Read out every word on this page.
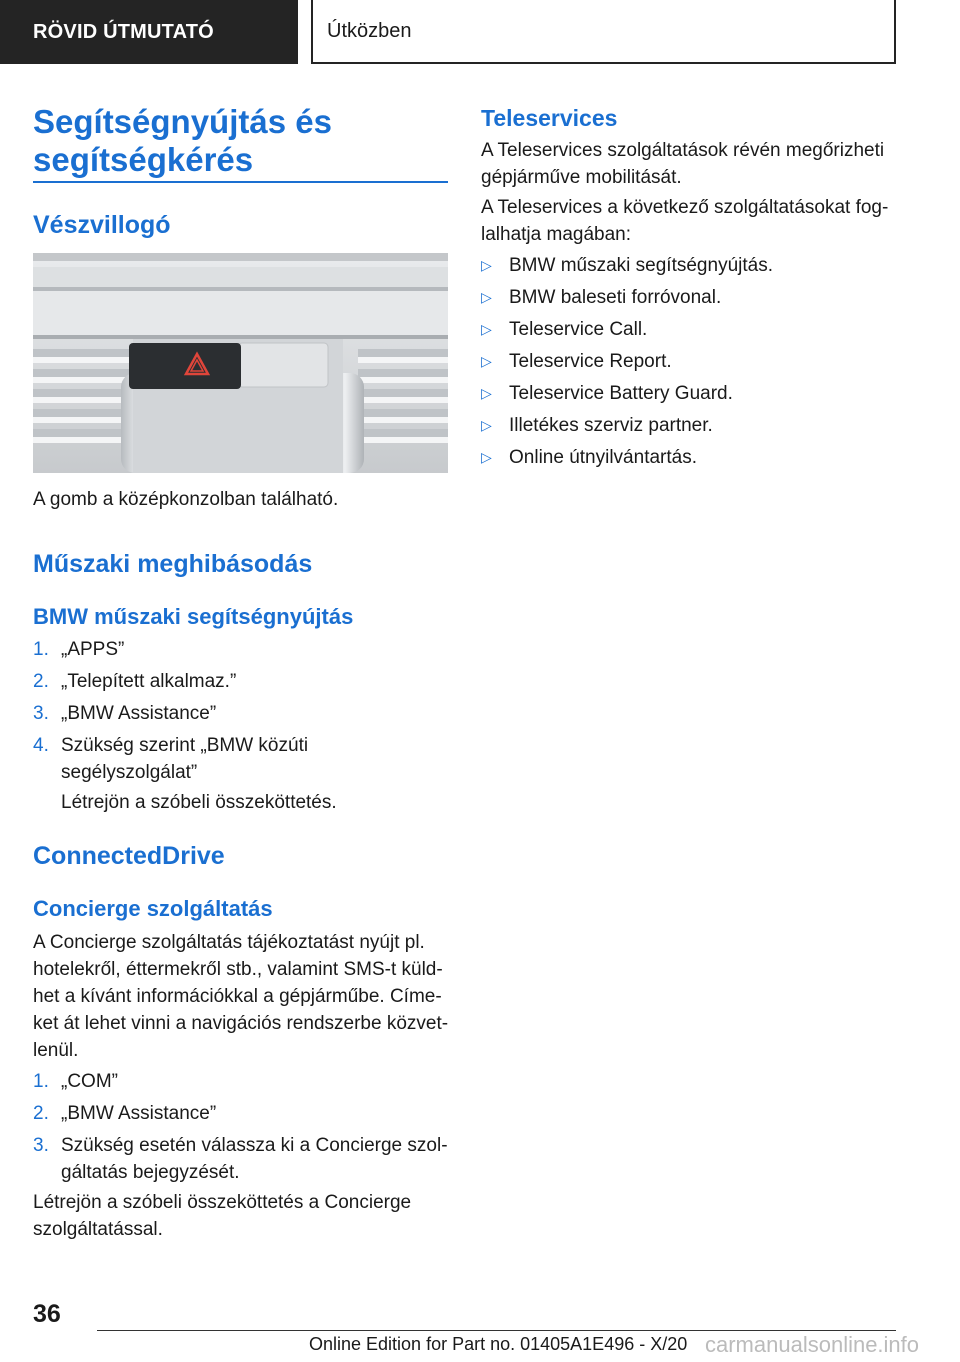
RÖVID ÚTMUTATÓ	Útközben
Segítségnyújtás és
segítségkérés
Vészvillogó
A gomb a középkonzolban található.
Műszaki meghibásodás
BMW műszaki segítségnyújtás
1. „APPS”
2. „Telepített alkalmaz.”
3. „BMW Assistance”
4. Szükség szerint „BMW közúti segélyszolgálat”
Létrejön a szóbeli összeköttetés.
ConnectedDrive
Concierge szolgáltatás
A Concierge szolgáltatás tájékoztatást nyújt pl. hotelekről, éttermekről stb., valamint SMS-t küld-het a kívánt információkkal a gépjárműbe. Címe-ket át lehet vinni a navigációs rendszerbe közvet-lenül.
1. „COM”
2. „BMW Assistance”
3. Szükség esetén válassza ki a Concierge szol-gáltatás bejegyzését.
Létrejön a szóbeli összeköttetés a Concierge szolgáltatással.
Teleservices
A Teleservices szolgáltatások révén megőrizheti gépjárműve mobilitását.
A Teleservices a következő szolgáltatásokat fog-lalhatja magában:
▷ BMW műszaki segítségnyújtás.
▷ BMW baleseti forróvonal.
▷ Teleservice Call.
▷ Teleservice Report.
▷ Teleservice Battery Guard.
▷ Illetékes szerviz partner.
▷ Online útnyilvántartás.
36
Online Edition for Part no. 01405A1E496 - X/20 carmanualsonline.info
